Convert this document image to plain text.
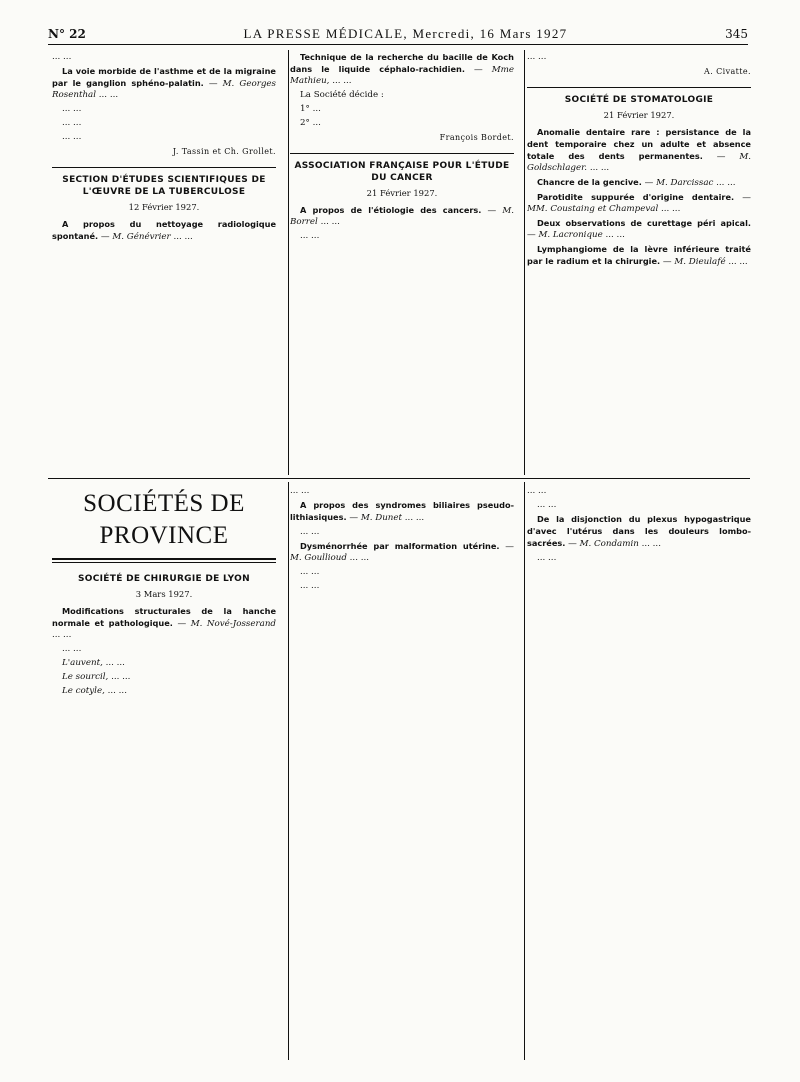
N° 22	LA PRESSE MÉDICALE, Mercredi, 16 Mars 1927	345

... ...

La voie morbide de l'asthme et de la migraine par le ganglion sphéno-palatin. — M. Georges Rosenthal ... ...

... ...

... ...

... ...

J. Tassin et Ch. Grollet.

SECTION D'ÉTUDES SCIENTIFIQUES DE L'ŒUVRE DE LA TUBERCULOSE
12 Février 1927.

A propos du nettoyage radiologique spontané. — M. Génévrier ... ...

Technique de la recherche du bacille de Koch dans le liquide céphalo-rachidien. — Mme Mathieu, ... ...

La Société décide :

1° ...

2° ...

François Bordet.

ASSOCIATION FRANÇAISE POUR L'ÉTUDE DU CANCER
21 Février 1927.

A propos de l'étiologie des cancers. — M. Borrel ... ...

... ...

... ...

A. Civatte.

SOCIÉTÉ DE STOMATOLOGIE
21 Février 1927.

Anomalie dentaire rare : persistance de la dent temporaire chez un adulte et absence totale des dents permanentes. — M. Goldschlager. ... ...

Chancre de la gencive. — M. Darcissac ... ...

Parotidite suppurée d'origine dentaire. — MM. Coustaing et Champeval ... ...

Deux observations de curettage péri apical. — M. Lacronique ... ...

Lymphangiome de la lèvre inférieure traité par le radium et la chirurgie. — M. Dieulafé ... ...

SOCIÉTÉS DE PROVINCE
SOCIÉTÉ DE CHIRURGIE DE LYON
3 Mars 1927.

Modifications structurales de la hanche normale et pathologique. — M. Nové-Josserand ... ...

... ...

L'auvent, ... ...

Le sourcil, ... ...

Le cotyle, ... ...

... ...

A propos des syndromes biliaires pseudo-lithiasiques. — M. Dunet ... ...

... ...

Dysménorrhée par malformation utérine. — M. Goullioud ... ...

... ...

... ...

... ...

... ...

De la disjonction du plexus hypogastrique d'avec l'utérus dans les douleurs lombo-sacrées. — M. Condamin ... ...

... ...
